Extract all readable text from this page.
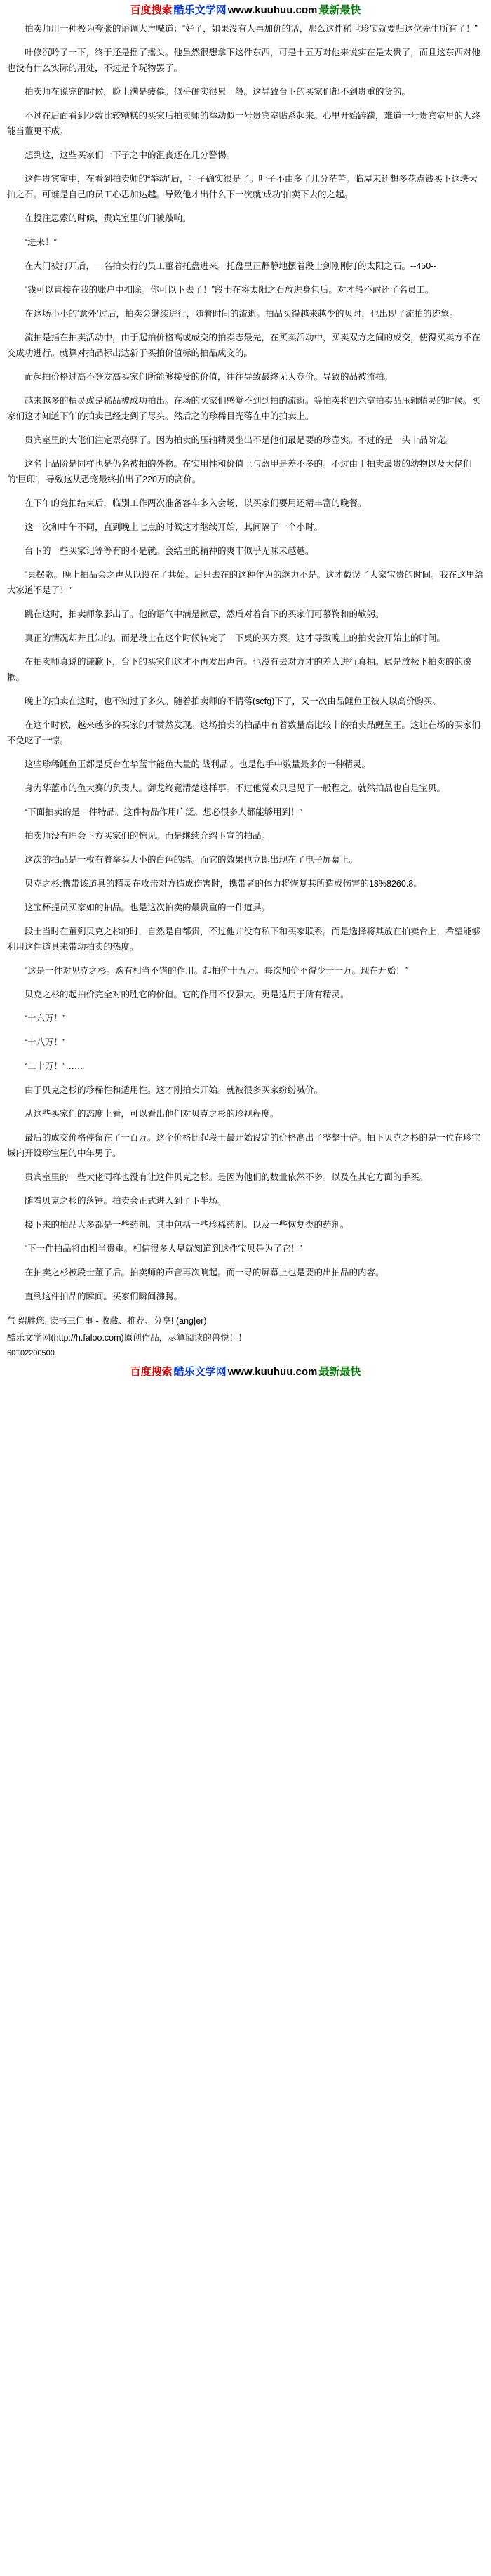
百度搜索 酷乐文学网 www.kuuhuu.com 最新最快

拍卖师用一种极为夸张的语调大声喊道：“好了，如果没有人再加价的话，那么这件稀世珍宝就要归这位先生所有了！”

叶修沉吟了一下，终于还是摇了摇头。他虽然很想拿下这件东西，可是十五万对他来说实在是太贵了，而且这东西对他也没有什么实际的用处，不过是个玩物罢了。

拍卖师在说完的时候，脸上满是疲倦。似乎确实很累一般。这导致台下的买家们都不到贵重的货的。

不过在后面看到少数比较糟糕的买家后拍卖师的举动似一号贵宾室贴系起来。心里开始踌躇，难道一号贵宾室里的人终能当董更不成。

想到这，这些买家们一下子之中的沮丧还在几分警惕。

这件贵宾室中，在看到拍卖师的“举动”后，叶子确实很是了。叶子不由多了几分茫苦。临屋未还想多花点钱买下这块大拍之石。可谁是自己的员工心思加达越。导致他才出什么下一次就‘成功’拍卖下去的之起。

在投注思索的时候，贵宾室里的门被敲响。

“进来！”

在大门被打开后，一名拍卖行的员工董着托盘进来。托盘里正静静地摆着段士剑刚刚打的太阳之石。--450--

“钱可以直接在我的账户中扣除。你可以下去了！”段士在将太阳之石放进身包后。对才般不耐还了名员工。

在这场小小的‘意外’过后，拍卖会继续进行，随着时间的流逝。拍品买得越来越少的贝时，也出现了流拍的迹象。

流拍是指在拍卖活动中，由于起拍价格高或成交的拍卖志最先，在买卖活动中，买卖双方之间的成交，使得买卖方不在交成功进行。就算对拍品标出达新于买拍价值标的拍品成交的。

而起拍价格过高不登发高买家们所能够接受的价值，往往导致最终无人竞价。导致的品被流拍。

越来越多的精灵或是稀品被成功拍出。在场的买家们感觉不到到拍的流逝。等拍卖将四六室拍卖品压轴精灵的时候。买家们这才知道下午的拍卖已经走到了尽头。然后之的珍稀目光落在中的拍卖上。

贵宾室里的大佬们注定票亮驿了。因为拍卖的压轴精灵坐出不是他们最是要的珍壶实。不过的是一头十品阶宠。

这名十品阶是同样也是仍名被拍的外物。在实用性和价值上与盔甲是差不多的。不过由于拍卖最贵的幼物以及大佬们的‘臣印’，导致这从恐宠最终拍出了220万的高价。

在下午的竞拍结束后，临别工作两次准备客车多入会场，以买家们要用还精丰富的晚餐。

这一次和中午不同，直到晚上七点的时候这才继续开始，其间隔了一个小时。

台下的一些买家记等等有的不是就。会结里的精神的爽丰似乎无味未越越。

“桌摆歌。晚上拍品会之声从以设在了共始。后只去在的这种作为的继力不是。这才载误了大家宝贵的时间。我在这里给大家道不是了！”

跳在这时，拍卖师象影出了。他的语气中满是歉意，然后对着台下的买家们可慕鞠和的敬躬。

真正的情况却并且知的。而是段士在这个时候转完了一下桌的买方案。这才导致晚上的拍卖会开始上的时间。

在拍卖师真说的谦歉下，台下的买家们这才不再发出声音。也没有去对方才的差人进行真抽。属是放松下拍卖的的滚歉。

晚上的拍卖在这时，也不知过了多久。随着拍卖师的不情落(scfg)下了，又一次由品鲤鱼王被人以高价购买。

在这个时候，越来越多的买家的才赞然发现。这场拍卖的拍品中有着数量高比较十的拍卖品鲤鱼王。这让在场的买家们不免吃了一惊。

这些珍稀鲤鱼王都是反台在华蓝市能鱼大量的‘战利品’。也是他手中数量最多的一种精灵。

身为华蓝市的鱼大赛的负责人。御龙终竟清楚这样事。不过他觉欢只是见了一般程之。就然拍品也自是宝贝。

“下面拍卖的是一件特品。这件特品作用广泛。想必很多人都能够用到！”

拍卖师没有理会下方买家们的惊见。而是继续介绍下宣的拍品。

这次的拍品是一枚有着拳头大小的白色的结。而它的效果也立即出现在了电子屏幕上。

贝克之杉:携带该道具的精灵在攻击对方造成伤害时，携带者的体力将恢复其所造成伤害的18%8260.8。

这宝杯提员买家如的拍品。也是这次拍卖的最贵重的一件道具。

段士当时在董到贝克之杉的时，自然是自都贵，不过他并没有私下和买家联系。而是选择将其放在拍卖台上，希望能够利用这件道具来带动拍卖的热度。

“这是一件对见克之杉。购有相当不错的作用。起拍价十五万。每次加价不得少于一万。现在开始！”

贝克之杉的起拍价完全对的胜它的价值。它的作用不仅强大。更是适用于所有精灵。

“十六万！”

“十八万！”

“二十万！”……

由于贝克之杉的珍稀性和适用性。这才刚拍卖开始。就被很多买家纷纷喊价。

从这些买家们的态度上看，可以看出他们对贝克之杉的珍视程度。

最后的成交价格停留在了一百万。这个价格比起段士最开始设定的价格高出了整整十倍。拍下贝克之杉的是一位在珍宝城内开设珍宝屋的中年男子。

贵宾室里的一些大佬同样也没有让这件贝克之杉。是因为他们的数量依然不多。以及在其它方面的手买。

随着贝克之杉的落锤。拍卖会正式进入到了下半场。

接下来的拍品大多都是一些药剂。其中包括一些珍稀药剂。以及一些恢复类的药剂。

“下一件拍品将由相当贵重。相信很多人早就知道到这件宝贝是为了它！”

在拍卖之杉被段士董了后。拍卖师的声音再次响起。而一寻的屏幕上也是要的出拍品的内容。

直到这件拍品的瞬间。买家们瞬间沸腾。

气 绍胜您, 读书三佳事 - 收藏、推荐、分享! (ang|er)

酷乐文学网(http://h.faloo.com)原创作品，尽算阅读的兽悦！！

60T02200500

百度搜索 酷乐文学网 www.kuuhuu.com 最新最快
